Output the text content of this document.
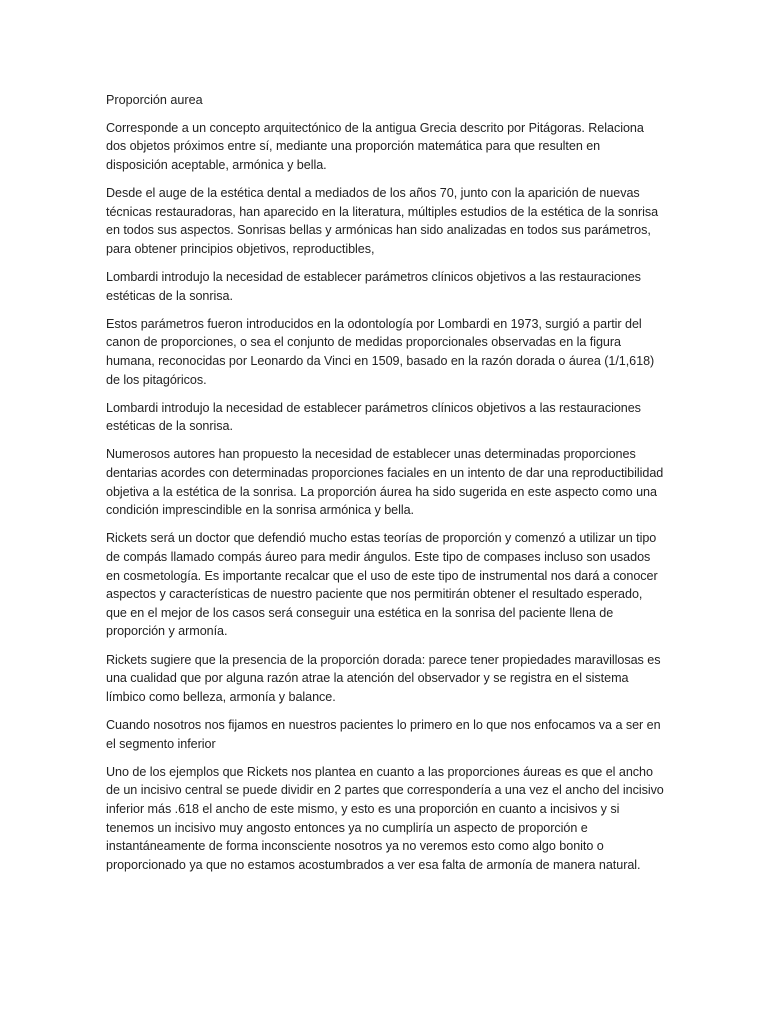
Proporción aurea

Corresponde a un concepto arquitectónico de la antigua Grecia descrito por Pitágoras. Relaciona dos objetos próximos entre sí, mediante una proporción matemática para que resulten en disposición aceptable, armónica y bella.

Desde el auge de la estética dental a mediados de los años 70, junto con la aparición de nuevas técnicas restauradoras, han aparecido en la literatura, múltiples estudios de la estética de la sonrisa en todos sus aspectos. Sonrisas bellas y armónicas han sido analizadas en todos sus parámetros, para obtener principios objetivos, reproductibles,

Lombardi introdujo la necesidad de establecer parámetros clínicos objetivos a las restauraciones estéticas de la sonrisa.

Estos parámetros fueron introducidos en la odontología por Lombardi en 1973, surgió a partir del canon de proporciones, o sea el conjunto de medidas proporcionales observadas en la figura humana, reconocidas por Leonardo da Vinci en 1509, basado en la razón dorada o áurea (1/1,618) de los pitagóricos.

Lombardi introdujo la necesidad de establecer parámetros clínicos objetivos a las restauraciones estéticas de la sonrisa.

Numerosos autores han propuesto la necesidad de establecer unas determinadas proporciones dentarias acordes con determinadas proporciones faciales en un intento de dar una reproductibilidad objetiva a la estética de la sonrisa. La proporción áurea ha sido sugerida en este aspecto como una condición imprescindible en la sonrisa armónica y bella.

Rickets será un doctor que defendió mucho estas teorías de proporción y comenzó a utilizar un tipo de compás llamado compás áureo para medir ángulos. Este tipo de compases incluso son usados en cosmetología. Es importante recalcar que el uso de este tipo de instrumental nos dará a conocer aspectos y características de nuestro paciente que nos permitirán obtener el resultado esperado, que en el mejor de los casos será conseguir una estética en la sonrisa del paciente llena de proporción y armonía.

Rickets sugiere que la presencia de la proporción dorada: parece tener propiedades maravillosas es una cualidad que por alguna razón atrae la atención del observador y se registra en el sistema límbico como belleza, armonía y balance.

Cuando nosotros nos fijamos en nuestros pacientes lo primero en lo que nos enfocamos va a ser en el segmento inferior

Uno de los ejemplos que Rickets nos plantea en cuanto a las proporciones áureas es que el ancho de un incisivo central se puede dividir en 2 partes que correspondería a una vez el ancho del incisivo inferior más .618 el ancho de este mismo, y esto es una proporción en cuanto a incisivos y si tenemos un incisivo muy angosto entonces ya no cumpliría un aspecto de proporción e instantáneamente de forma inconsciente nosotros ya no veremos esto como algo bonito o proporcionado ya que no estamos acostumbrados a ver esa falta de armonía de manera natural.
